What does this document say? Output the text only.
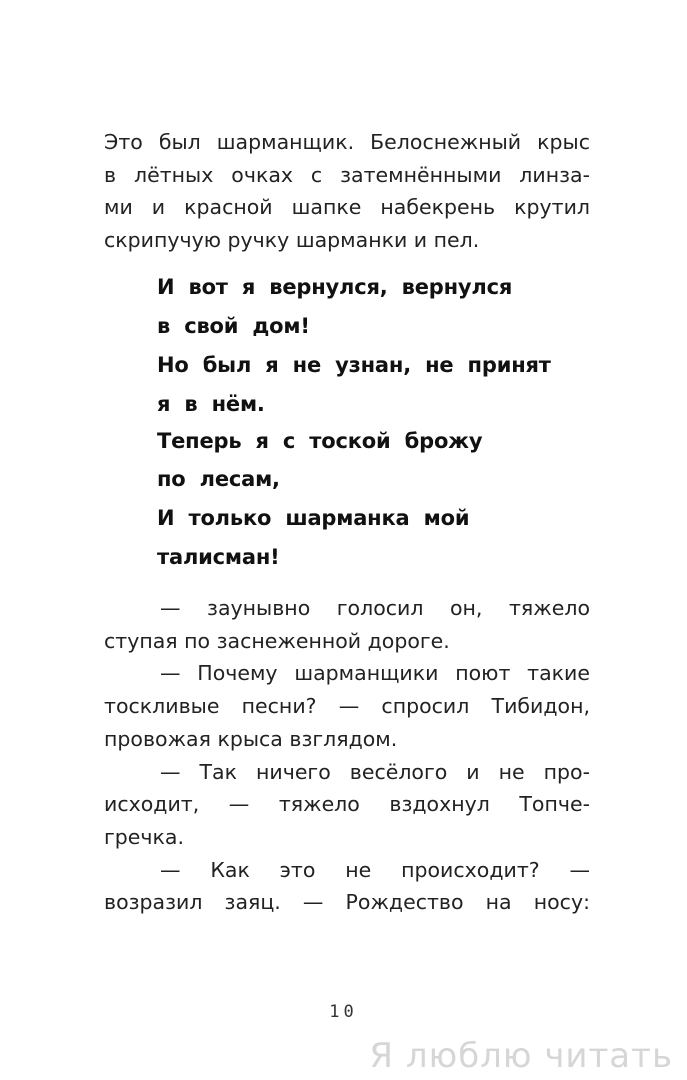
Это был шарманщик. Белоснежный крыс
в лётных очках с затемнёнными линза-
ми и красной шапке набекрень крутил
скрипучую ручку шарманки и пел.
И вот я вернулся, вернулся
в свой дом!
Но был я не узнан, не принят
я в нём.
Теперь я с тоской брожу
по лесам,
И только шарманка мой
талисман!
— заунывно голосил он, тяжело
ступая по заснеженной дороге.
— Почему шарманщики поют такие
тоскливые песни? — спросил Тибидон,
провожая крыса взглядом.
— Так ничего весёлого и не про-
исходит, — тяжело вздохнул Топче-
гречка.
— Как это не происходит? —
возразил заяц. — Рождество на носу:
10
Я люблю читать
